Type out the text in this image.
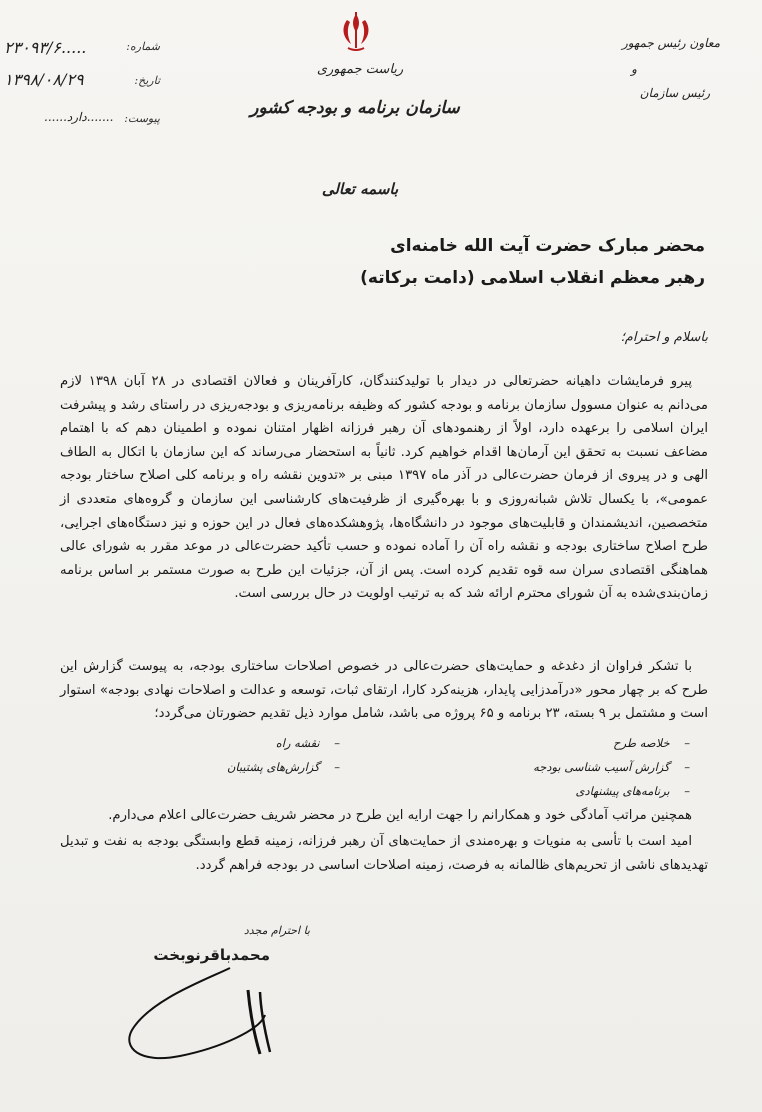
ریاست جمهوری
سازمان برنامه و بودجه کشور
معاون رئیس جمهور
و
رئیس سازمان
شماره:
۲۳۰۹۳/۶.....
تاریخ:
۱۳۹۸/۰۸/۲۹
پیوست:
.......دارد......
باسمه تعالی
محضر مبارک حضرت آیت الله خامنه‌ای
رهبر معظم انقلاب اسلامی (دامت برکاته)
باسلام و احترام؛
پیرو فرمایشات داهیانه حضرتعالی در دیدار با تولیدکنندگان، کارآفرینان و فعالان اقتصادی در ۲۸ آبان ۱۳۹۸ لازم می‌دانم به عنوان مسوول سازمان برنامه و بودجه کشور که وظیفه برنامه‌ریزی و بودجه‌ریزی در راستای رشد و پیشرفت ایران اسلامی را برعهده دارد، اولاً از رهنمودهای آن رهبر فرزانه اظهار امتنان نموده و اطمینان دهم که با اهتمام مضاعف نسبت به تحقق این آرمان‌ها اقدام خواهیم کرد. ثانیاً به استحضار می‌رساند که این سازمان با اتکال به الطاف الهی و در پیروی از فرمان حضرت‌عالی در آذر ماه ۱۳۹۷ مبنی بر «تدوین نقشه راه و برنامه کلی اصلاح ساختار بودجه عمومی»، با یکسال تلاش شبانه‌روزی و با بهره‌گیری از ظرفیت‌های کارشناسی این سازمان و گروه‌های متعددی از متخصصین، اندیشمندان و قابلیت‌های موجود در دانشگاه‌ها، پژوهشکده‌های فعال در این حوزه و نیز دستگاه‌های اجرایی، طرح اصلاح ساختاری بودجه و نقشه راه آن را آماده نموده و حسب تأکید حضرت‌عالی در موعد مقرر به شورای عالی هماهنگی اقتصادی سران سه قوه تقدیم کرده است. پس از آن، جزئیات این طرح به صورت مستمر بر اساس برنامه زمان‌بندی‌شده به آن شورای محترم ارائه شد که به ترتیب اولویت در حال بررسی است.
با تشکر فراوان از دغدغه و حمایت‌های حضرت‌عالی در خصوص اصلاحات ساختاری بودجه، به پیوست گزارش این طرح که بر چهار محور «درآمدزایی پایدار، هزینه‌کرد کارا، ارتقای ثبات، توسعه و عدالت و اصلاحات نهادی بودجه» استوار است و مشتمل بر ۹ بسته، ۲۳ برنامه و ۶۵ پروژه می باشد، شامل موارد ذیل تقدیم حضورتان می‌گردد؛
–    خلاصه طرح
–    گزارش آسیب شناسی بودجه
–    برنامه‌های پیشنهادی
–    نقشه راه
–    گزارش‌های پشتیبان
همچنین مراتب آمادگی خود و همکارانم را جهت ارایه این طرح در محضر شریف حضرت‌عالی اعلام می‌دارم.
امید است با تأسی به منویات و بهره‌مندی از حمایت‌های آن رهبر فرزانه، زمینه قطع وابستگی بودجه به نفت و تبدیل تهدیدهای ناشی از تحریم‌های ظالمانه به فرصت، زمینه اصلاحات اساسی در بودجه فراهم گردد.
با احترام مجدد
محمدباقرنوبخت
